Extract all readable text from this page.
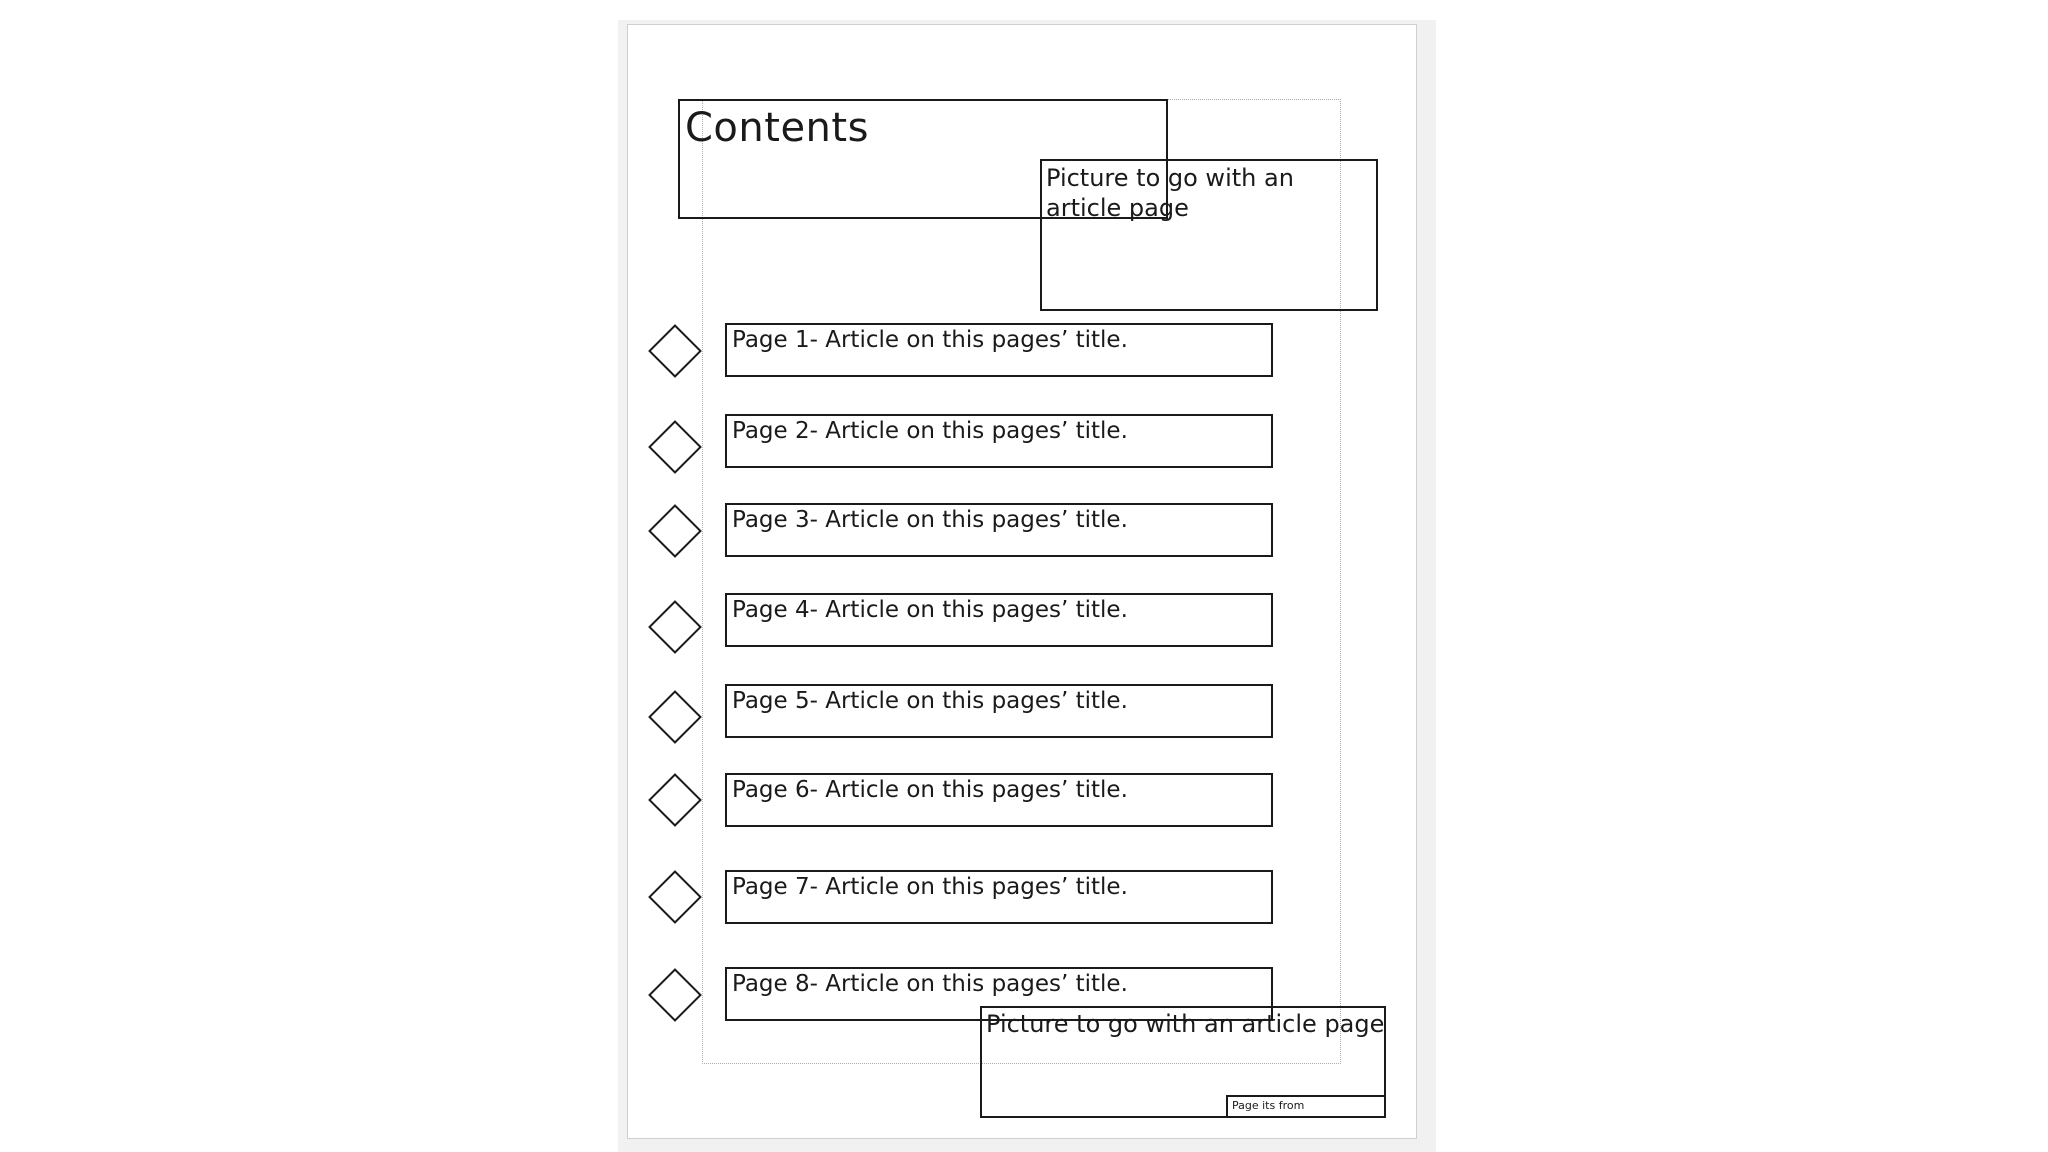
Contents
Picture to go with an article page
Page 1- Article on this pages’ title.
Page 2- Article on this pages’ title.
Page 3- Article on this pages’ title.
Page 4- Article on this pages’ title.
Page 5- Article on this pages’ title.
Page 6- Article on this pages’ title.
Page 7- Article on this pages’ title.
Page 8- Article on this pages’ title.
Picture to go with an article page
Page its from
